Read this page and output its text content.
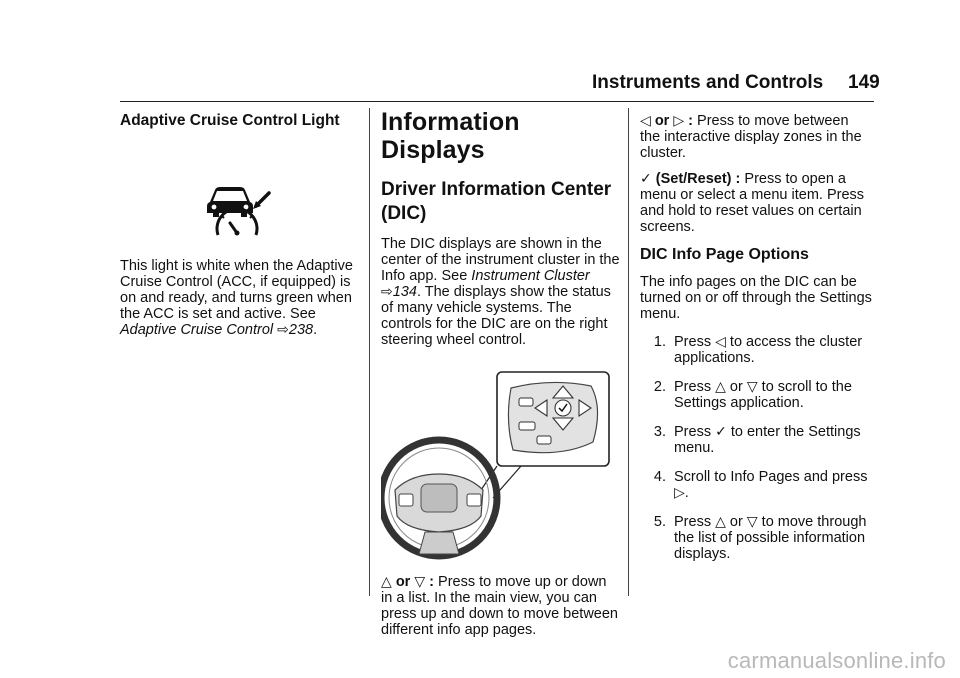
Instruments and Controls 149
Adaptive Cruise Control Light

This light is white when the Adaptive Cruise Control (ACC, if equipped) is on and ready, and turns green when the ACC is set and active. See
Adaptive Cruise Control ⇨238.

Information Displays
Driver Information Center (DIC)

The DIC displays are shown in the center of the instrument cluster in the Info app. See Instrument Cluster
⇨134. The displays show the status of many vehicle systems. The controls for the DIC are on the right steering wheel control.

△ or ▽ : Press to move up or down in a list. In the main view, you can press up and down to move between different info app pages.

◁ or ▷ : Press to move between the interactive display zones in the cluster.

✓ (Set/Reset) : Press to open a menu or select a menu item. Press and hold to reset values on certain screens.

DIC Info Page Options

The info pages on the DIC can be turned on or off through the Settings menu.

1. Press ◁ to access the cluster applications.
2. Press △ or ▽ to scroll to the Settings application.
3. Press ✓ to enter the Settings menu.
4. Scroll to Info Pages and press ▷.
5. Press △ or ▽ to move through the list of possible information displays.
carmanualsonline.info
